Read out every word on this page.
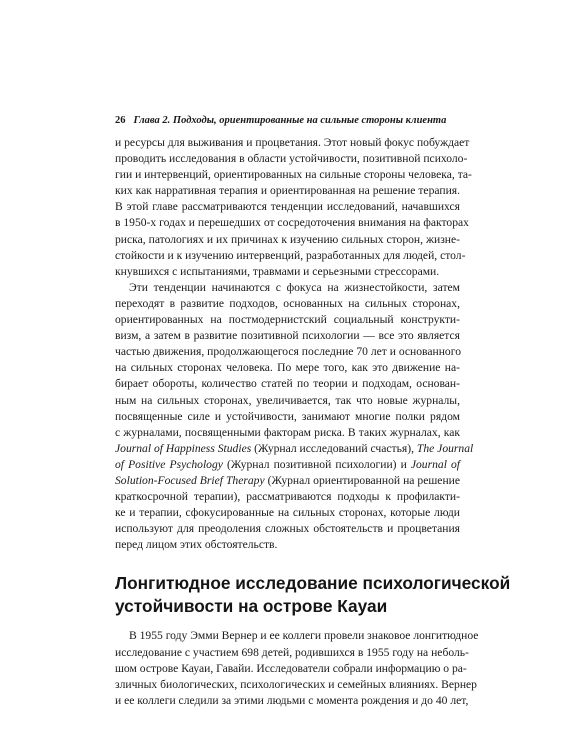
26 Глава 2. Подходы, ориентированные на сильные стороны клиента
и ресурсы для выживания и процветания. Этот новый фокус побуждает
проводить исследования в области устойчивости, позитивной психоло-
гии и интервенций, ориентированных на сильные стороны человека, та-
ких как нарративная терапия и ориентированная на решение терапия.
В этой главе рассматриваются тенденции исследований, начавшихся
в 1950-х годах и перешедших от сосредоточения внимания на факторах
риска, патологиях и их причинах к изучению сильных сторон, жизне-
стойкости и к изучению интервенций, разработанных для людей, стол-
кнувшихся с испытаниями, травмами и серьезными стрессорами.
Эти тенденции начинаются с фокуса на жизнестойкости, затем
переходят в развитие подходов, основанных на сильных сторонах,
ориентированных на постмодернистский социальный конструкти-
визм, а затем в развитие позитивной психологии — все это является
частью движения, продолжающегося последние 70 лет и основанного
на сильных сторонах человека. По мере того, как это движение на-
бирает обороты, количество статей по теории и подходам, основан-
ным на сильных сторонах, увеличивается, так что новые журналы,
посвященные силе и устойчивости, занимают многие полки рядом
с журналами, посвященными факторам риска. В таких журналах, как
Journal of Happiness Studies (Журнал исследований счастья), The Journal
of Positive Psychology (Журнал позитивной психологии) и Journal of
Solution-Focused Brief Therapy (Журнал ориентированной на решение
краткосрочной терапии), рассматриваются подходы к профилакти-
ке и терапии, сфокусированные на сильных сторонах, которые люди
используют для преодоления сложных обстоятельств и процветания
перед лицом этих обстоятельств.
Лонгитюдное исследование психологической
устойчивости на острове Кауаи
В 1955 году Эмми Вернер и ее коллеги провели знаковое лонгитюдное
исследование с участием 698 детей, родившихся в 1955 году на неболь-
шом острове Кауаи, Гавайи. Исследователи собрали информацию о ра-
зличных биологических, психологических и семейных влияниях. Вернер
и ее коллеги следили за этими людьми с момента рождения и до 40 лет,
